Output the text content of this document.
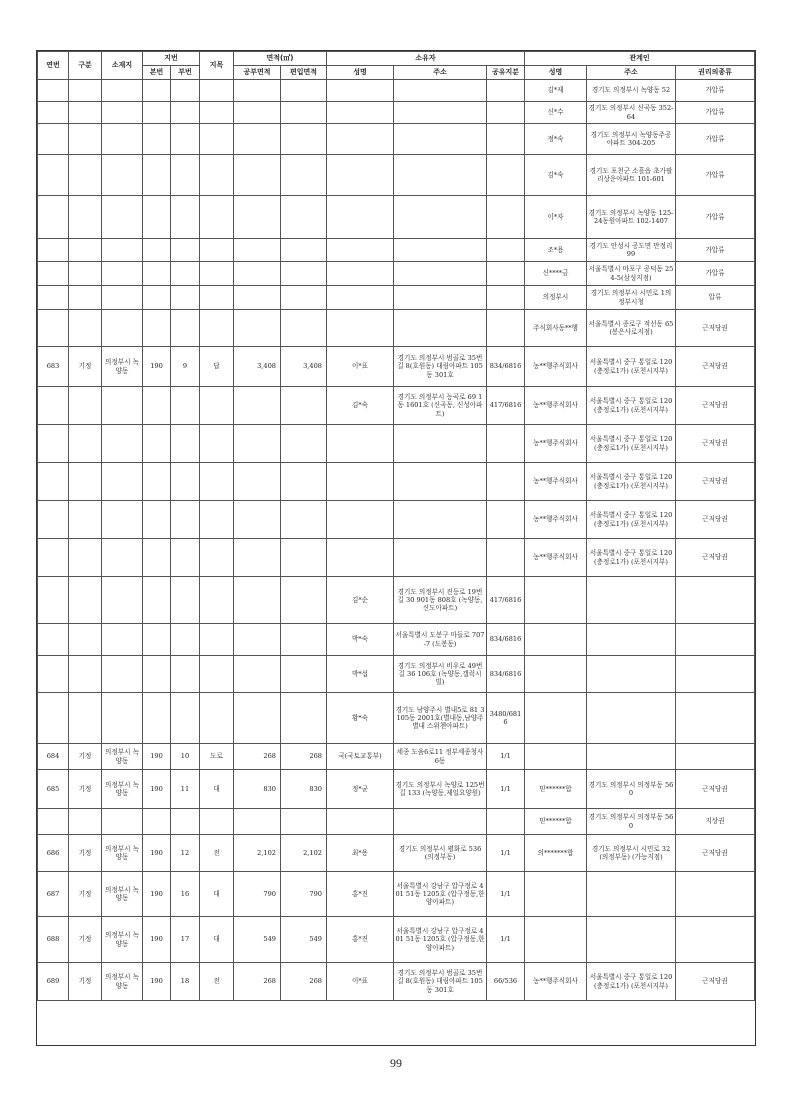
연번	구분	소재지	지번		지목	면적(㎡)		소유자			관계인		
			본번	부번		공부면적	편입면적	성명	주소	공유지분	성명	주소	권리의종류
											김*재	경기도 의정부시 녹양동 52	가압류
											신*수	경기도 의정부시 신곡동 352-64	가압류
											정*숙	경기도 의정부시 녹양동주공아파트 304-205	가압류
											김*숙	경기도 포천군 소흘읍 초가팔리상운아파트 101-601	가압류
											이*자	경기도 의정부시 녹양동 125-24동원아파트 102-1407	가압류
											조*용	경기도 안성시 공도면 만정리 99	가압류
											신****금	서울특별시 마포구 공덕동 254-5(삼성지점)	가압류
											의정부시	경기도 의정부시 시민로 1의정부시청	압류
											주식회사동**행	서울특별시 종로구 적선동 65 (봉은사로지점)	근저당권
683	기정	의정부시 녹양동	190	9	답	3,408	3,408	이*표	경기도 의정부시 범골로 35번길 8(호원동) 대림아파트 105동 301호	834/6816	농**행주식회사	서울특별시 중구 통일로 120 (충정로1가) (포천시지부)	근저당권
								김*숙	경기도 의정부시 능곡로 69 1동 1601호 (신곡동, 신성아파트)	417/6816	농**행주식회사	서울특별시 중구 통일로 120 (충정로1가) (포천시지부)	근저당권
											농**행주식회사	서울특별시 중구 통일로 120 (충정로1가) (포천시지부)	근저당권
											농**행주식회사	서울특별시 중구 통일로 120 (충정로1가) (포천시지부)	근저당권
											농**행주식회사	서울특별시 중구 통일로 120 (충정로1가) (포천시지부)	근저당권
											농**행주식회사	서울특별시 중구 통일로 120 (충정로1가) (포천시지부)	근저당권
								김*순	경기도 의정부시 진등로 19번길 30 901동 808호 (녹양동,신도아파트)	417/6816			
								박*숙	서울특별시 도봉구 마들로 707-7 (도봉동)	834/6816			
								박*섭	경기도 의정부시 비우로 49번길 36 106호 (녹양동,갤럭시빌)	834/6816			
								황*숙	경기도 남양주시 별내5로 81 3105동 2001호(별내동,남양주 별내 스위첸아파트)	3480/6816			
684	기정	의정부시 녹양동	190	10	도로	268	268	국(국토교통부)	세종 도움6로11 정부세종청사 6동	1/1			
685	기정	의정부시 녹양동	190	11	대	830	830	정*균	경기도 의정부시 녹양로 125번길 133 (녹양동,제일요양원)	1/1	믿******합	경기도 의정부시 의정부동 560	근저당권
											믿******합	경기도 의정부시 의정부동 560	지상권
686	기정	의정부시 녹양동	190	12	전	2,102	2,102	최*용	경기도 의정부시 평화로 536 (의정부동)	1/1	의*******합	경기도 의정부시 시민로 32(의정부동) (가능지점)	근저당권
687	기정	의정부시 녹양동	190	16	대	790	790	홍*진	서울특별시 강남구 압구정로 401 51동 1205호 (압구정동,한양아파트)	1/1			
688	기정	의정부시 녹양동	190	17	대	549	549	홍*진	서울특별시 강남구 압구정로 401 51동 1205호 (압구정동,한양아파트)	1/1			
689	기정	의정부시 녹양동	190	18	전	268	268	이*표	경기도 의정부시 범골로 35번길 8(호원동) 대림아파트 105동 301호	66/536	농**행주식회사	서울특별시 중구 통일로 120 (충정로1가) (포천시지부)	근저당권
99
